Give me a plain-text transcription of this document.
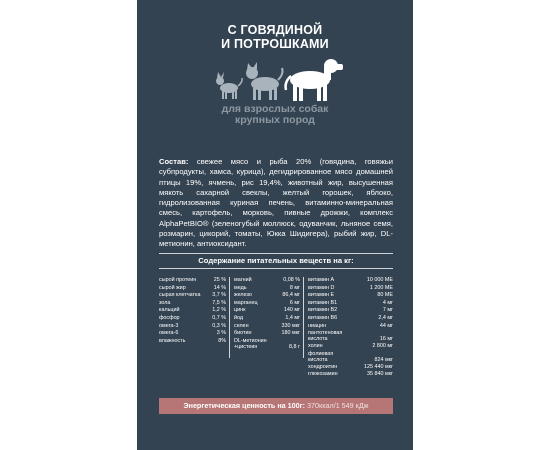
С ГОВЯДИНОЙ
И ПОТРОШКАМИ
для взрослых собак
крупных пород
Состав: свежее мясо и рыба 20% (говядина, говяжьи субпродукты, хамса, курица), дегидрированное мясо домашней птицы 19%, ячмень, рис 19,4%, животный жир, высушенная мякоть сахарной свеклы, желтый горошек, яблоко, гидролизованная куриная печень, витаминно-минеральная смесь, картофель, морковь, пивные дрожжи, комплекс AlphaPetBIO® (зеленогубый моллюск, одуванчик, льняное семя, розмарин, цикорий, томаты, Юкка Шидигера), рыбий жир, DL-метионин, антиоксидант.
Содержание питательных веществ на кг:
сырой протеин	25 %
сырой жир	14 %
сырая клетчатка 3,7 %
зола	7,5 %
кальций	1,2 %
фосфор	0,7 %
омега-3	0,3 %
омега-6	3 %
влажность	8%
магний	0,08 %
медь	8 мг
железо	86,4 мг
марганец	6 мг
цинк	140 мг
йод	1,4 мг
селен	330 мкг
биотин	180 мкг
DL-метионин
+цистеин	8,8 г
витамин А	10 000 МЕ
витамин D	1 200 МЕ
витамин Е	80 МЕ
витамин B1	4 мг
витамин B2	7 мг
витамин B6	2,4 мг
ниацин	44 мг
пантотеновая
кислота	16 мг
холин	2 800 мг
фолиевая
кислота	824 мкг
хондроитин	125 440 мкг
глюкозамин	35 840 мкг
Энергетическая ценность на 100г: 370ккал/1 549 кДж
